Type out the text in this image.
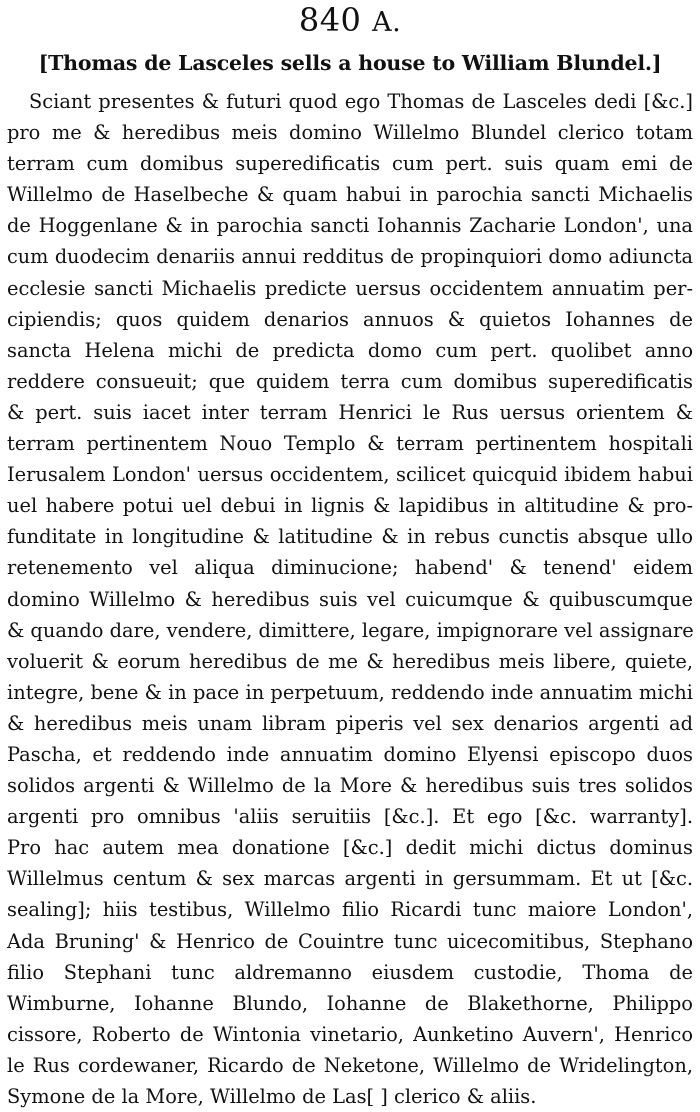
840 A.
[Thomas de Lasceles sells a house to William Blundel.]
Sciant presentes & futuri quod ego Thomas de Lasceles dedi [&c.]
pro me & heredibus meis domino Willelmo Blundel clerico totam
terram cum domibus superedificatis cum pert. suis quam emi de
Willelmo de Haselbeche & quam habui in parochia sancti Michaelis
de Hoggenlane & in parochia sancti Iohannis Zacharie London', una
cum duodecim denariis annui redditus de propinquiori domo adiuncta
ecclesie sancti Michaelis predicte uersus occidentem annuatim per-
cipiendis; quos quidem denarios annuos & quietos Iohannes de
sancta Helena michi de predicta domo cum pert. quolibet anno
reddere consueuit; que quidem terra cum domibus superedificatis
& pert. suis iacet inter terram Henrici le Rus uersus orientem &
terram pertinentem Nouo Templo & terram pertinentem hospitali
Ierusalem London' uersus occidentem, scilicet quicquid ibidem habui
uel habere potui uel debui in lignis & lapidibus in altitudine & pro-
funditate in longitudine & latitudine & in rebus cunctis absque ullo
retenemento vel aliqua diminucione; habend' & tenend' eidem
domino Willelmo & heredibus suis vel cuicumque & quibuscumque
& quando dare, vendere, dimittere, legare, impignorare vel assignare
voluerit & eorum heredibus de me & heredibus meis libere, quiete,
integre, bene & in pace in perpetuum, reddendo inde annuatim michi
& heredibus meis unam libram piperis vel sex denarios argenti ad
Pascha, et reddendo inde annuatim domino Elyensi episcopo duos
solidos argenti & Willelmo de la More & heredibus suis tres solidos
argenti pro omnibus 'aliis seruitiis [&c.]. Et ego [&c. warranty].
Pro hac autem mea donatione [&c.] dedit michi dictus dominus
Willelmus centum & sex marcas argenti in gersummam. Et ut [&c.
sealing]; hiis testibus, Willelmo filio Ricardi tunc maiore London',
Ada Bruning' & Henrico de Couintre tunc uicecomitibus, Stephano
filio Stephani tunc aldremanno eiusdem custodie, Thoma de
Wimburne, Iohanne Blundo, Iohanne de Blakethorne, Philippo
cissore, Roberto de Wintonia vinetario, Aunketino Auvern', Henrico
le Rus cordewaner, Ricardo de Neketone, Willelmo de Wridelington,
Symone de la More, Willelmo de Las[ ] clerico & aliis.
